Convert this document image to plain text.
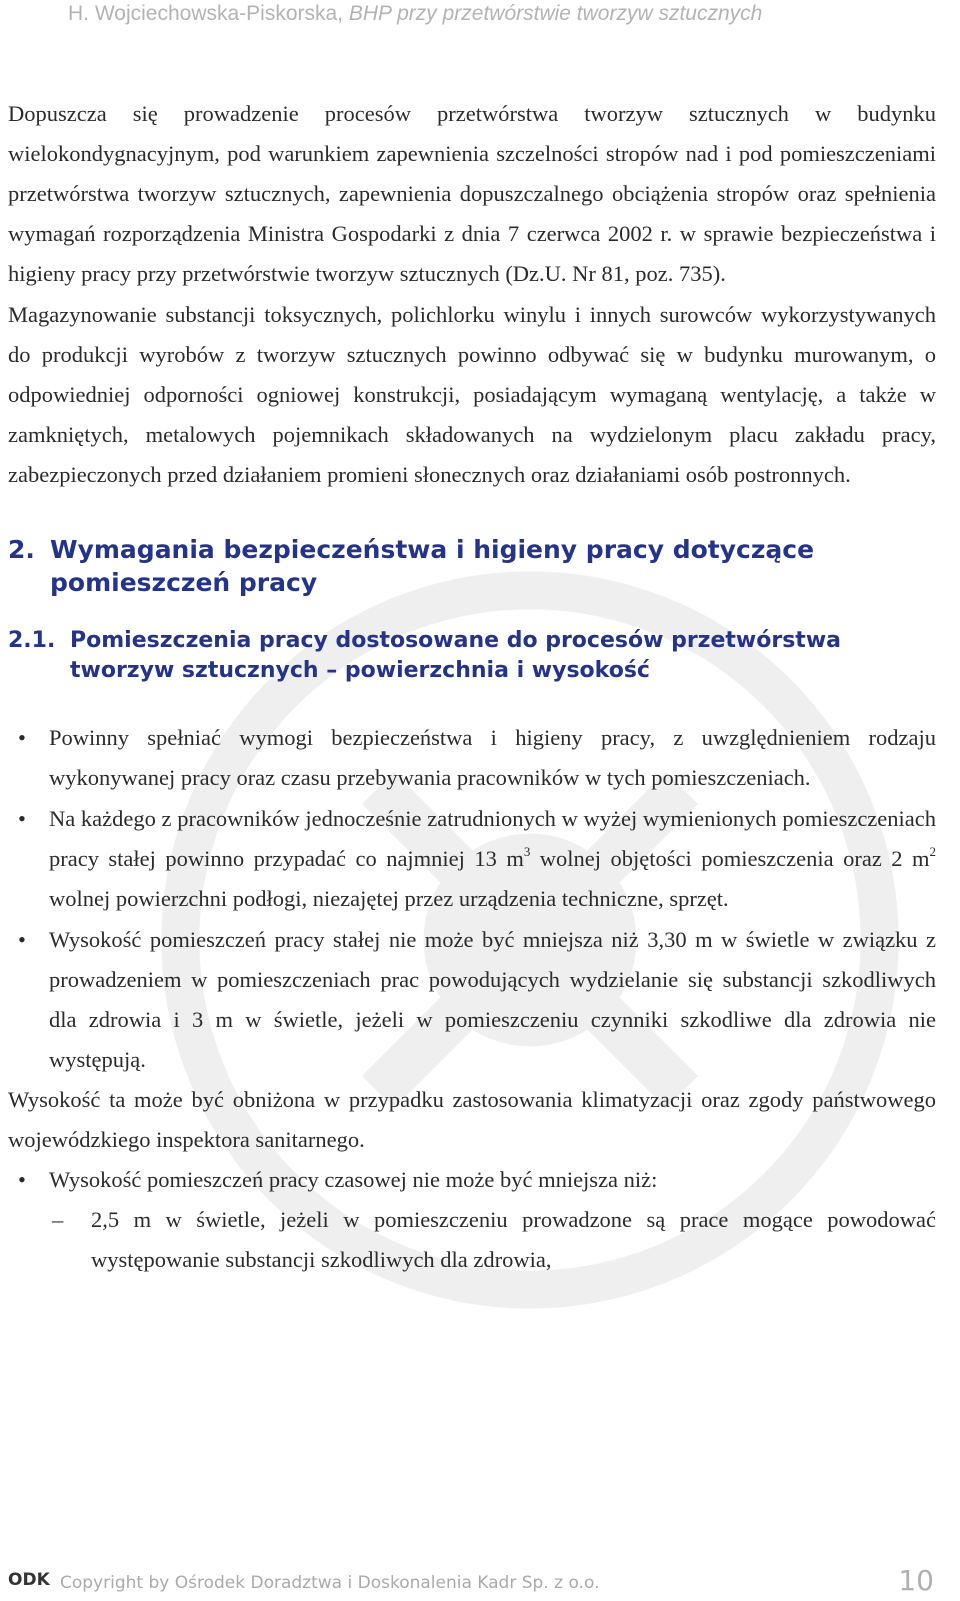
H. Wojciechowska-Piskorska, BHP przy przetwórstwie tworzyw sztucznych

Dopuszcza się prowadzenie procesów przetwórstwa tworzyw sztucznych w budynku wielokondygnacyjnym, pod warunkiem zapewnienia szczelności stropów nad i pod pomieszczeniami przetwórstwa tworzyw sztucznych, zapewnienia dopuszczalnego obciążenia stropów oraz spełnienia wymagań rozporządzenia Ministra Gospodarki z dnia 7 czerwca 2002 r. w sprawie bezpieczeństwa i higieny pracy przy przetwórstwie tworzyw sztucznych (Dz.U. Nr 81, poz. 735).

Magazynowanie substancji toksycznych, polichlorku winylu i innych surowców wykorzystywanych do produkcji wyrobów z tworzyw sztucznych powinno odbywać się w budynku murowanym, o odpowiedniej odporności ogniowej konstrukcji, posiadającym wymaganą wentylację, a także w zamkniętych, metalowych pojemnikach składowanych na wydzielonym placu zakładu pracy, zabezpieczonych przed działaniem promieni słonecznych oraz działaniami osób postronnych.

2. Wymagania bezpieczeństwa i higieny pracy dotyczące pomieszczeń pracy
2.1. Pomieszczenia pracy dostosowane do procesów przetwórstwa tworzyw sztucznych – powierzchnia i wysokość
• Powinny spełniać wymogi bezpieczeństwa i higieny pracy, z uwzględnieniem rodzaju wykonywanej pracy oraz czasu przebywania pracowników w tych pomieszczeniach.
• Na każdego z pracowników jednocześnie zatrudnionych w wyżej wymienionych pomieszczeniach pracy stałej powinno przypadać co najmniej 13 $m^3$ wolnej objętości pomieszczenia oraz 2 $m^2$ wolnej powierzchni podłogi, niezajętej przez urządzenia techniczne, sprzęt.
• Wysokość pomieszczeń pracy stałej nie może być mniejsza niż 3,30 m w świetle w związku z prowadzeniem w pomieszczeniach prac powodujących wydzielanie się substancji szkodliwych dla zdrowia i 3 m w świetle, jeżeli w pomieszczeniu czynniki szkodliwe dla zdrowia nie występują.

Wysokość ta może być obniżona w przypadku zastosowania klimatyzacji oraz zgody państwowego wojewódzkiego inspektora sanitarnego.

• Wysokość pomieszczeń pracy czasowej nie może być mniejsza niż:
– 2,5 m w świetle, jeżeli w pomieszczeniu prowadzone są prace mogące powodować występowanie substancji szkodliwych dla zdrowia,
ODK Copyright by Ośrodek Doradztwa i Doskonalenia Kadr Sp. z o.o.	10
